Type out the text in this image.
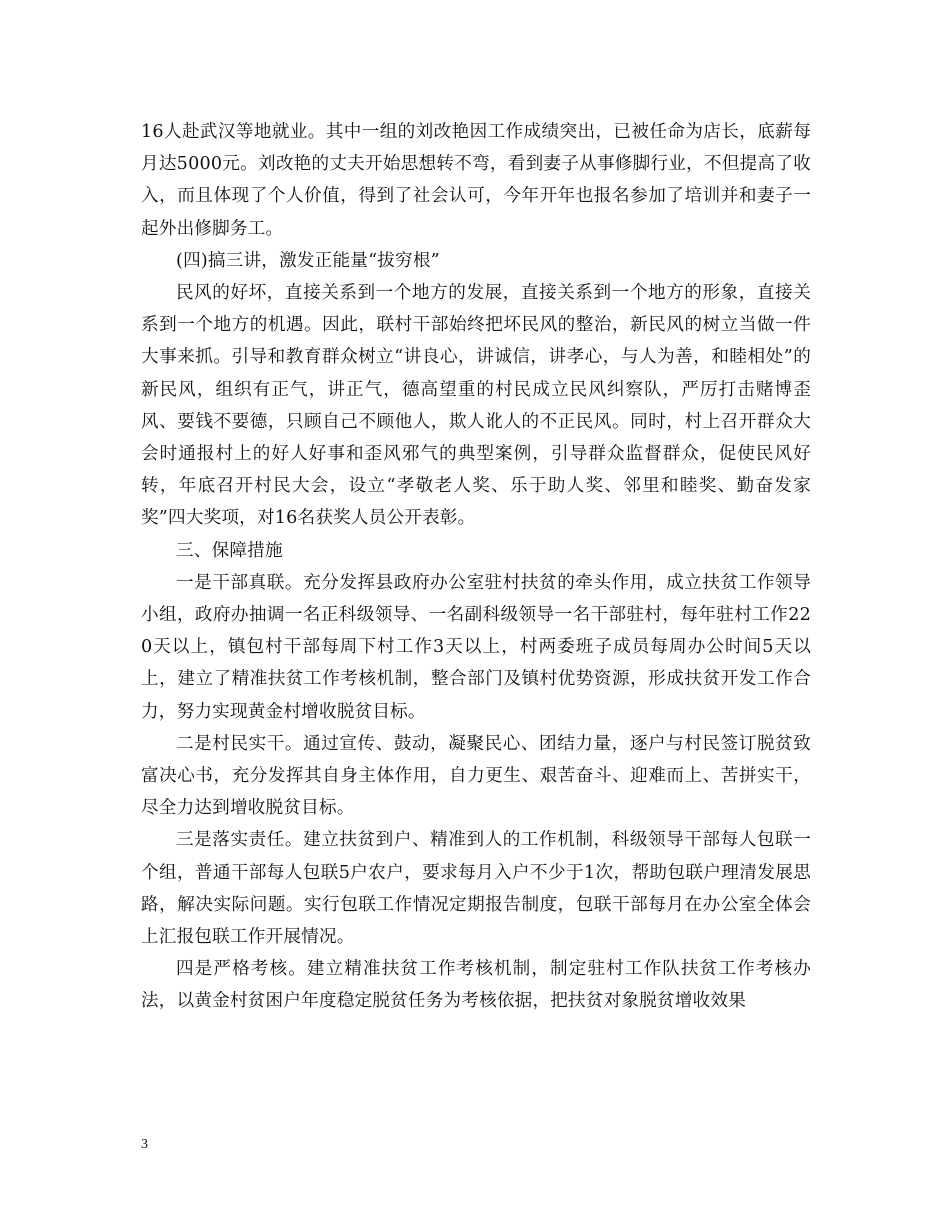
16人赴武汉等地就业。其中一组的刘改艳因工作成绩突出，已被任命为店长，底薪每月达5000元。刘改艳的丈夫开始思想转不弯，看到妻子从事修脚行业，不但提高了收入，而且体现了个人价值，得到了社会认可，今年开年也报名参加了培训并和妻子一起外出修脚务工。

(四)搞三讲，激发正能量“拔穷根”

民风的好坏，直接关系到一个地方的发展，直接关系到一个地方的形象，直接关系到一个地方的机遇。因此，联村干部始终把坏民风的整治，新民风的树立当做一件大事来抓。引导和教育群众树立“讲良心，讲诚信，讲孝心，与人为善，和睦相处”的新民风，组织有正气，讲正气，德高望重的村民成立民风纠察队，严厉打击赌博歪风、要钱不要德，只顾自己不顾他人，欺人讹人的不正民风。同时，村上召开群众大会时通报村上的好人好事和歪风邪气的典型案例，引导群众监督群众，促使民风好转，年底召开村民大会，设立“孝敬老人奖、乐于助人奖、邻里和睦奖、勤奋发家奖”四大奖项，对16名获奖人员公开表彰。

三、保障措施

一是干部真联。充分发挥县政府办公室驻村扶贫的牵头作用，成立扶贫工作领导小组，政府办抽调一名正科级领导、一名副科级领导一名干部驻村，每年驻村工作220天以上，镇包村干部每周下村工作3天以上，村两委班子成员每周办公时间5天以上，建立了精准扶贫工作考核机制，整合部门及镇村优势资源，形成扶贫开发工作合力，努力实现黄金村增收脱贫目标。

二是村民实干。通过宣传、鼓动，凝聚民心、团结力量，逐户与村民签订脱贫致富决心书，充分发挥其自身主体作用，自力更生、艰苦奋斗、迎难而上、苦拼实干，尽全力达到增收脱贫目标。

三是落实责任。建立扶贫到户、精准到人的工作机制，科级领导干部每人包联一个组，普通干部每人包联5户农户，要求每月入户不少于1次，帮助包联户理清发展思路，解决实际问题。实行包联工作情况定期报告制度，包联干部每月在办公室全体会上汇报包联工作开展情况。

四是严格考核。建立精准扶贫工作考核机制，制定驻村工作队扶贫工作考核办法，以黄金村贫困户年度稳定脱贫任务为考核依据，把扶贫对象脱贫增收效果

3
